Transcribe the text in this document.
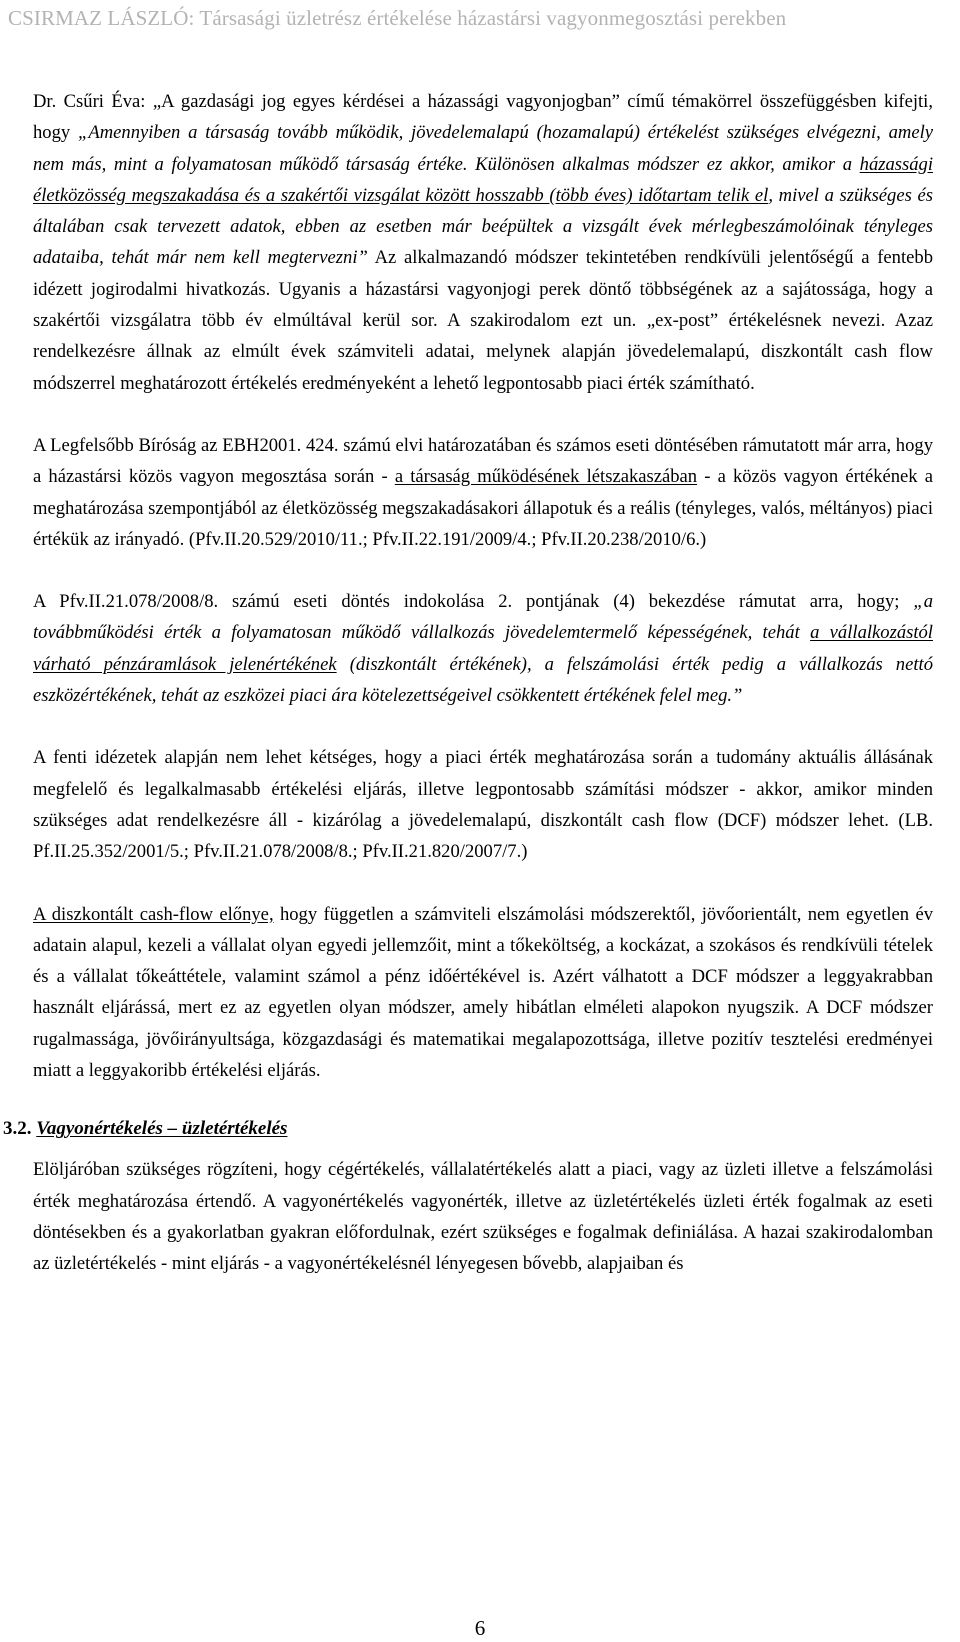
CSIRMAZ LÁSZLÓ: Társasági üzletrész értékelése házastársi vagyonmegosztási perekben

Dr. Csűri Éva: „A gazdasági jog egyes kérdései a házassági vagyonjogban” című témakörrel összefüggésben kifejti, hogy „Amennyiben a társaság tovább működik, jövedelemalapú (hozamalapú) értékelést szükséges elvégezni, amely nem más, mint a folyamatosan működő társaság értéke. Különösen alkalmas módszer ez akkor, amikor a házassági életközösség megszakadása és a szakértői vizsgálat között hosszabb (több éves) időtartam telik el, mivel a szükséges és általában csak tervezett adatok, ebben az esetben már beépültek a vizsgált évek mérlegbeszámolóinak tényleges adataiba, tehát már nem kell megtervezni” Az alkalmazandó módszer tekintetében rendkívüli jelentőségű a fentebb idézett jogirodalmi hivatkozás. Ugyanis a házastársi vagyonjogi perek döntő többségének az a sajátossága, hogy a szakértői vizsgálatra több év elmúltával kerül sor. A szakirodalom ezt un. „ex-post” értékelésnek nevezi. Azaz rendelkezésre állnak az elmúlt évek számviteli adatai, melynek alapján jövedelemalapú, diszkontált cash flow módszerrel meghatározott értékelés eredményeként a lehető legpontosabb piaci érték számítható.

A Legfelsőbb Bíróság az EBH2001. 424. számú elvi határozatában és számos eseti döntésében rámutatott már arra, hogy a házastársi közös vagyon megosztása során - a társaság működésének létszakaszában - a közös vagyon értékének a meghatározása szempontjából az életközösség megszakadásakori állapotuk és a reális (tényleges, valós, méltányos) piaci értékük az irányadó. (Pfv.II.20.529/2010/11.; Pfv.II.22.191/2009/4.; Pfv.II.20.238/2010/6.)

A Pfv.II.21.078/2008/8. számú eseti döntés indokolása 2. pontjának (4) bekezdése rámutat arra, hogy; „a továbbműködési érték a folyamatosan működő vállalkozás jövedelemtermelő képességének, tehát a vállalkozástól várható pénzáramlások jelenértékének (diszkontált értékének), a felszámolási érték pedig a vállalkozás nettó eszközértékének, tehát az eszközei piaci ára kötelezettségeivel csökkentett értékének felel meg.”

A fenti idézetek alapján nem lehet kétséges, hogy a piaci érték meghatározása során a tudomány aktuális állásának megfelelő és legalkalmasabb értékelési eljárás, illetve legpontosabb számítási módszer - akkor, amikor minden szükséges adat rendelkezésre áll - kizárólag a jövedelemalapú, diszkontált cash flow (DCF) módszer lehet. (LB. Pf.II.25.352/2001/5.; Pfv.II.21.078/2008/8.; Pfv.II.21.820/2007/7.)

A diszkontált cash-flow előnye, hogy független a számviteli elszámolási módszerektől, jövőorientált, nem egyetlen év adatain alapul, kezeli a vállalat olyan egyedi jellemzőit, mint a tőkeköltség, a kockázat, a szokásos és rendkívüli tételek és a vállalat tőkeáttétele, valamint számol a pénz időértékével is. Azért válhatott a DCF módszer a leggyakrabban használt eljárássá, mert ez az egyetlen olyan módszer, amely hibátlan elméleti alapokon nyugszik. A DCF módszer rugalmassága, jövőirányultsága, közgazdasági és matematikai megalapozottsága, illetve pozitív tesztelési eredményei miatt a leggyakoribb értékelési eljárás.

3.2. Vagyonértékelés – üzletértékelés

Elöljáróban szükséges rögzíteni, hogy cégértékelés, vállalatértékelés alatt a piaci, vagy az üzleti illetve a felszámolási érték meghatározása értendő. A vagyonértékelés vagyonérték, illetve az üzletértékelés üzleti érték fogalmak az eseti döntésekben és a gyakorlatban gyakran előfordulnak, ezért szükséges e fogalmak definiálása. A hazai szakirodalomban az üzletértékelés - mint eljárás - a vagyonértékelésnél lényegesen bővebb, alapjaiban és

6
